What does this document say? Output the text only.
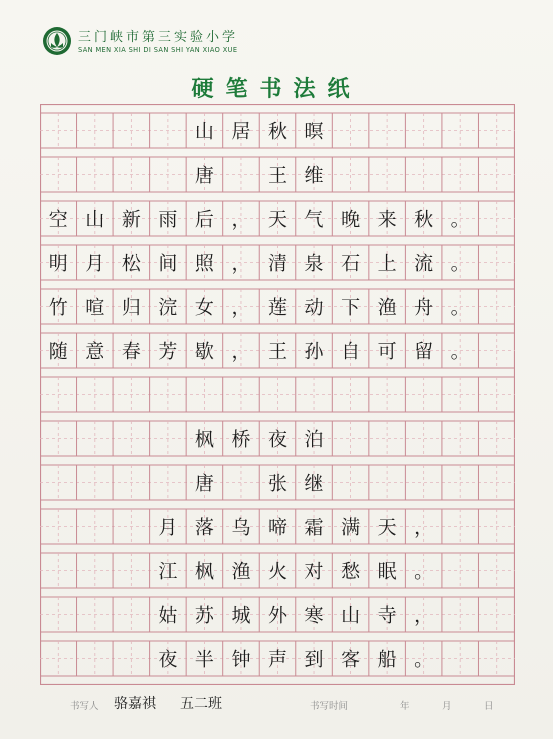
三门峡市第三实验小学
SAN MEN XIA SHI DI SAN SHI YAN XIAO XUE
硬笔书法纸
山 居 秋 暝
唐	王 维
空 山 新 雨 后 ， 天 气 晚 来 秋 。
明 月 松 间 照 ， 清 泉 石 上 流 。
竹 喧 归 浣 女 ， 莲 动 下 渔 舟 。
随 意 春 芳 歇 ， 王 孙 自 可 留 。
枫 桥 夜 泊
唐	张 继
月 落 乌 啼 霜 满 天 ，
江 枫 渔 火 对 愁 眠 。
姑 苏 城 外 寒 山 寺 ，
夜 半 钟 声 到 客 船 。
书写人 骆嘉祺 五二班	书写时间	年	月	日
